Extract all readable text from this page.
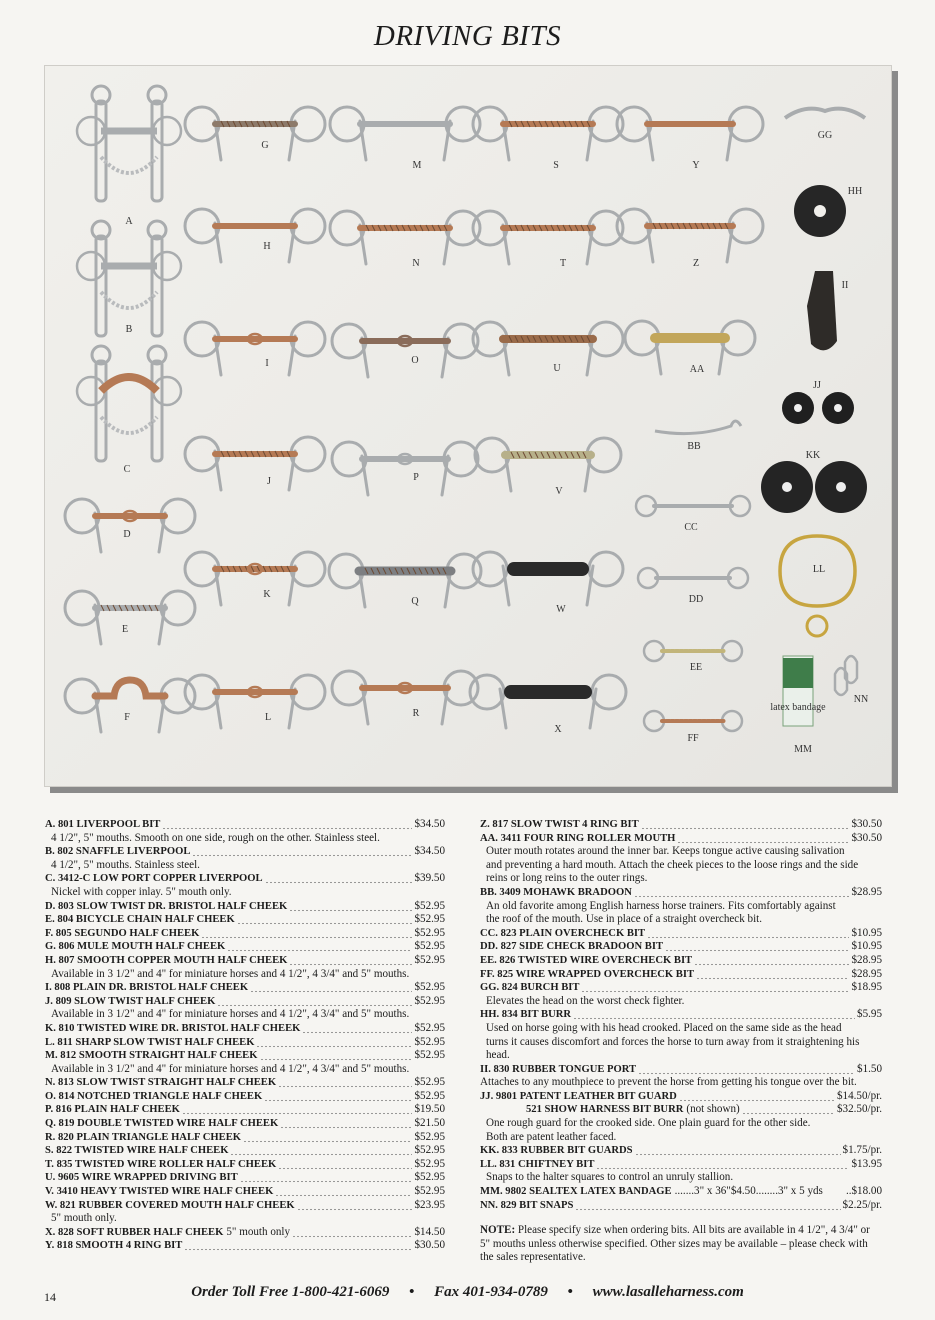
DRIVING BITS
latex bandage
A
B
C
D
E
F
G
H
I
J
K
L
M
N
O
P
Q
R
S
T
U
V
W
X
Y
Z
AA
BB
CC
DD
EE
FF
GG
HH
II
JJ
KK
LL
MM
NN
A. 801 LIVERPOOL BIT	$34.50
4 1/2", 5" mouths. Smooth on one side, rough on the other. Stainless steel.
B. 802 SNAFFLE LIVERPOOL	$34.50
4 1/2", 5" mouths. Stainless steel.
C. 3412-C LOW PORT COPPER LIVERPOOL	$39.50
Nickel with copper inlay. 5" mouth only.
D. 803 SLOW TWIST DR. BRISTOL HALF CHEEK	$52.95
E. 804 BICYCLE CHAIN HALF CHEEK	$52.95
F. 805 SEGUNDO HALF CHEEK	$52.95
G. 806 MULE MOUTH HALF CHEEK	$52.95
H. 807 SMOOTH COPPER MOUTH HALF CHEEK	$52.95
Available in 3 1/2" and 4" for miniature horses and 4 1/2", 4 3/4" and 5" mouths.
I. 808 PLAIN DR. BRISTOL HALF CHEEK	$52.95
J. 809 SLOW TWIST HALF CHEEK	$52.95
Available in 3 1/2" and 4" for miniature horses and 4 1/2", 4 3/4" and 5" mouths.
K. 810 TWISTED WIRE DR. BRISTOL HALF CHEEK	$52.95
L. 811 SHARP SLOW TWIST HALF CHEEK	$52.95
M. 812 SMOOTH STRAIGHT HALF CHEEK	$52.95
Available in 3 1/2" and 4" for miniature horses and 4 1/2", 4 3/4" and 5" mouths.
N. 813 SLOW TWIST STRAIGHT HALF CHEEK	$52.95
O. 814 NOTCHED TRIANGLE HALF CHEEK	$52.95
P. 816 PLAIN HALF CHEEK	$19.50
Q. 819 DOUBLE TWISTED WIRE HALF CHEEK	$21.50
R. 820 PLAIN TRIANGLE HALF CHEEK	$52.95
S. 822 TWISTED WIRE HALF CHEEK	$52.95
T. 835 TWISTED WIRE ROLLER HALF CHEEK	$52.95
U. 9605 WIRE WRAPPED DRIVING BIT	$52.95
V. 3410 HEAVY TWISTED WIRE HALF CHEEK	$52.95
W. 821 RUBBER COVERED MOUTH HALF CHEEK	$23.95
5" mouth only.
X. 828 SOFT RUBBER HALF CHEEK 5" mouth only	$14.50
Y. 818 SMOOTH 4 RING BIT	$30.50
Z. 817 SLOW TWIST 4 RING BIT	$30.50
AA. 3411 FOUR RING ROLLER MOUTH	$30.50
Outer mouth rotates around the inner bar. Keeps tongue active causing salivation
and preventing a hard mouth. Attach the cheek pieces to the loose rings and the side
reins or long reins to the outer rings.
BB. 3409 MOHAWK BRADOON	$28.95
An old favorite among English harness horse trainers. Fits comfortably against
the roof of the mouth. Use in place of a straight overcheck bit.
CC. 823 PLAIN OVERCHECK BIT	$10.95
DD. 827 SIDE CHECK BRADOON BIT	$10.95
EE. 826 TWISTED WIRE OVERCHECK BIT	$28.95
FF. 825 WIRE WRAPPED OVERCHECK BIT	$28.95
GG. 824 BURCH BIT	$18.95
Elevates the head on the worst check fighter.
HH. 834 BIT BURR	$5.95
Used on horse going with his head crooked. Placed on the same side as the head
turns it causes discomfort and forces the horse to turn away from it straightening his head.
II. 830 RUBBER TONGUE PORT	$1.50
Attaches to any mouthpiece to prevent the horse from getting his tongue over the bit.
JJ. 9801 PATENT LEATHER BIT GUARD	$14.50/pr.
521 SHOW HARNESS BIT BURR (not shown)	$32.50/pr.
One rough guard for the crooked side. One plain guard for the other side.
Both are patent leather faced.
KK. 833 RUBBER BIT GUARDS	$1.75/pr.
LL. 831 CHIFTNEY BIT	$13.95
Snaps to the halter squares to control an unruly stallion.
MM. 9802 SEALTEX LATEX BANDAGE .......3" x 36"$4.50........3" x 5 yds ..$18.00
NN. 829 BIT SNAPS	$2.25/pr.
NOTE: Please specify size when ordering bits. All bits are available in 4 1/2", 4 3/4" or 5" mouths unless otherwise specified. Other sizes may be available – please check with the sales representative.
14	Order Toll Free 1-800-421-6069 • Fax 401-934-0789 • www.lasalleharness.com
